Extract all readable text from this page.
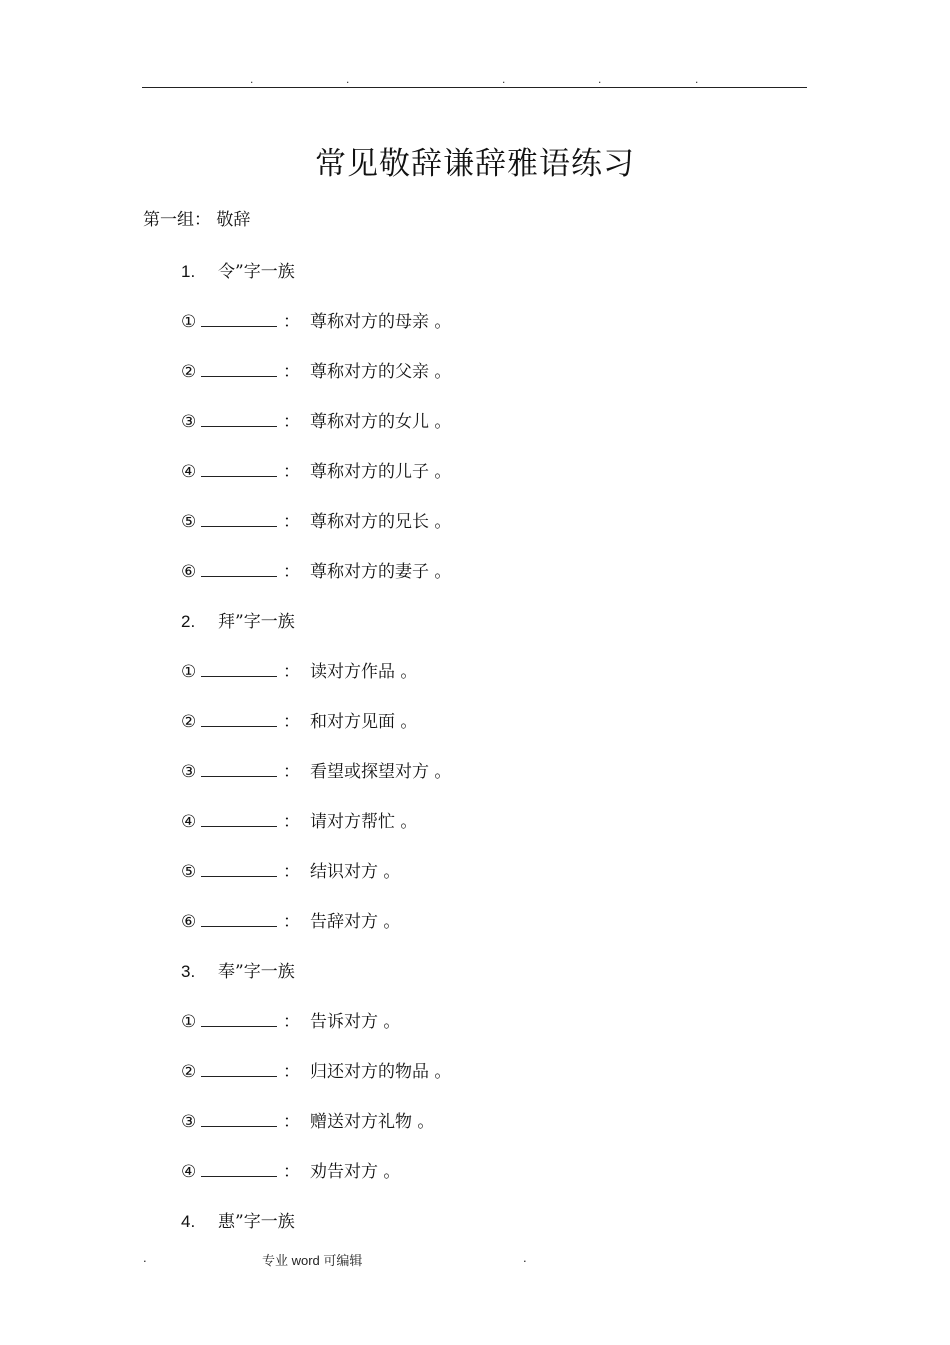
.	.	.	.	.
常见敬辞谦辞雅语练习
第一组： 敬辞
1. 令”字一族
①	： 尊称对方的母亲 。
②	： 尊称对方的父亲 。
③	： 尊称对方的女儿 。
④	： 尊称对方的儿子 。
⑤	： 尊称对方的兄长 。
⑥	： 尊称对方的妻子 。
2. 拜”字一族
①	： 读对方作品 。
②	： 和对方见面 。
③	： 看望或探望对方 。
④	： 请对方帮忙 。
⑤	： 结识对方 。
⑥	： 告辞对方 。
3. 奉”字一族
①	： 告诉对方 。
②	： 归还对方的物品 。
③	： 赠送对方礼物 。
④	： 劝告对方 。
4. 惠”字一族
.	专业 word 可编辑	.
